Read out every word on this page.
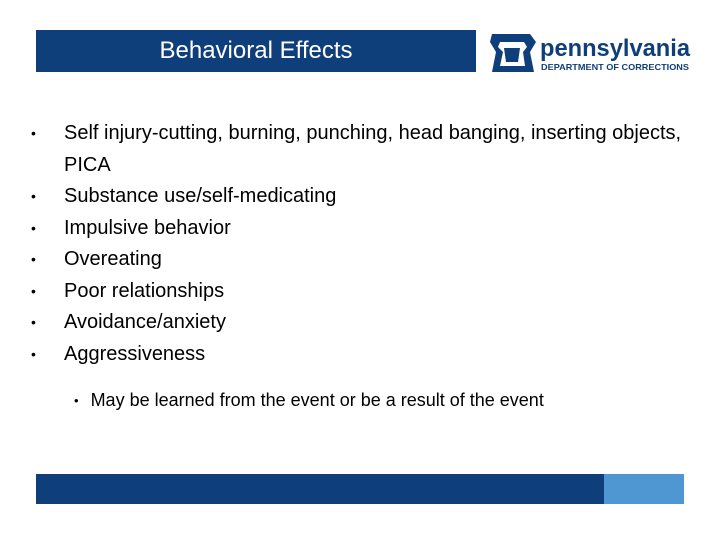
Behavioral Effects	pennsylvania
DEPARTMENT OF CORRECTIONS
• Self injury-cutting, burning, punching, head banging, inserting objects, PICA
• Substance use/self-medicating
• Impulsive behavior
• Overeating
• Poor relationships
• Avoidance/anxiety
• Aggressiveness
• May be learned from the event or be a result of the event
